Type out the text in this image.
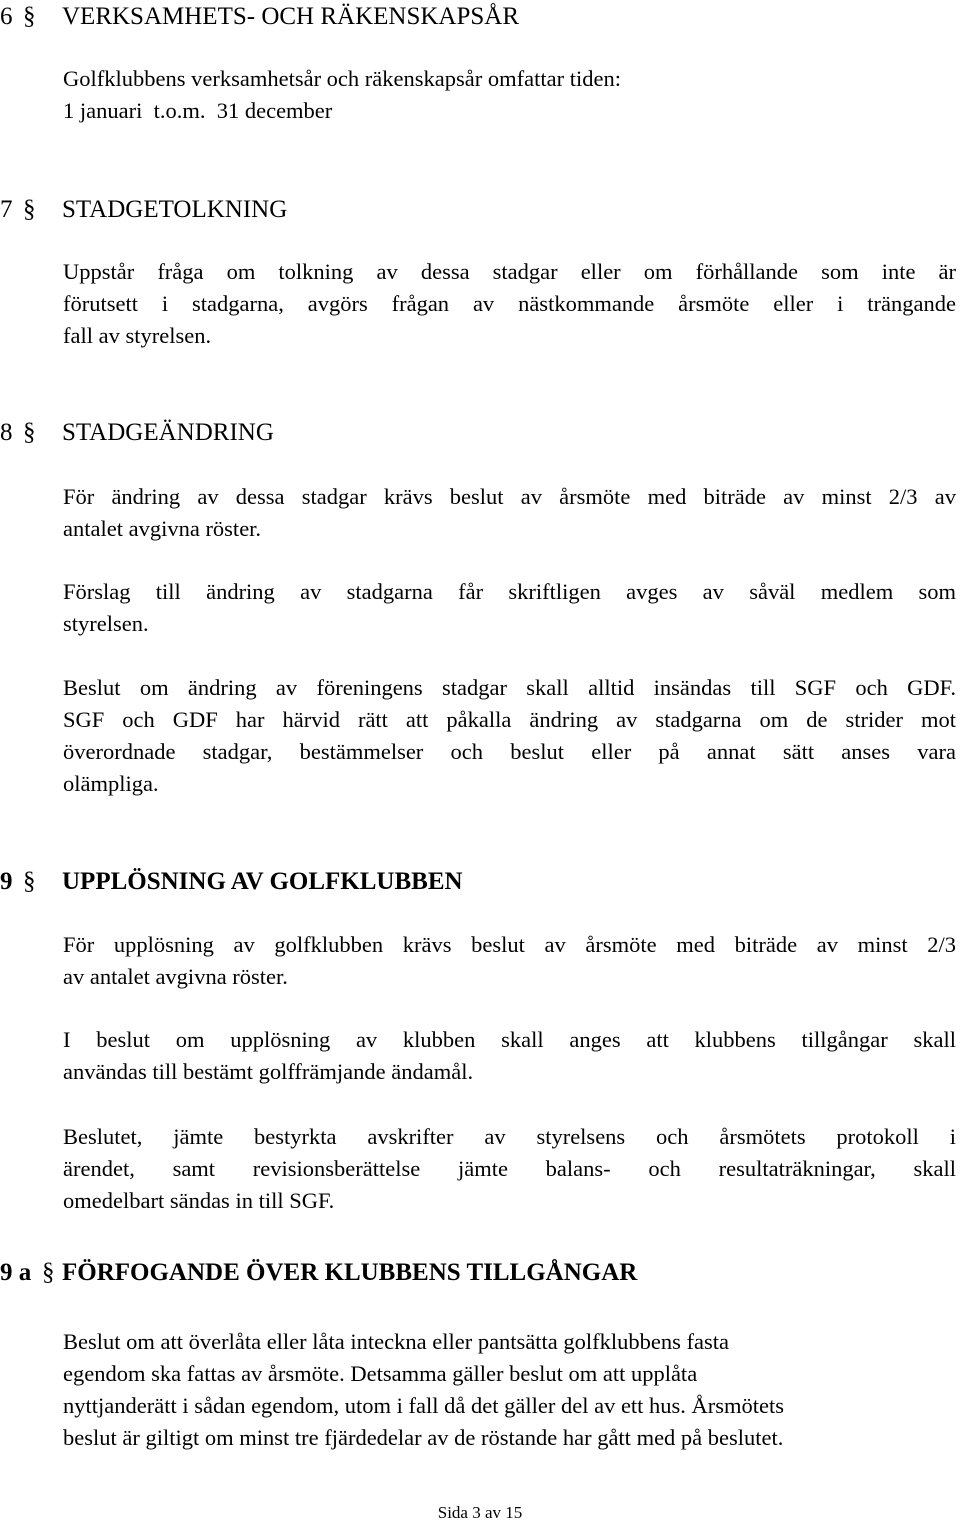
6 § VERKSAMHETS- OCH RÄKENSKAPSÅR
Golfklubbens verksamhetsår och räkenskapsår omfattar tiden:
1 januari  t.o.m.  31 december
7 § STADGETOLKNING
Uppstår fråga om tolkning av dessa stadgar eller om förhållande som inte är
förutsett i stadgarna, avgörs frågan av nästkommande årsmöte eller i trängande
fall av styrelsen.
8 § STADGEÄNDRING
För ändring av dessa stadgar krävs beslut av årsmöte med biträde av minst 2/3 av
antalet avgivna röster.
Förslag till ändring av stadgarna får skriftligen avges av såväl medlem som
styrelsen.
Beslut om ändring av föreningens stadgar skall alltid insändas till SGF och GDF.
SGF och GDF har härvid rätt att påkalla ändring av stadgarna om de strider mot
överordnade stadgar, bestämmelser och beslut eller på annat sätt anses vara
olämpliga.
9 § UPPLÖSNING AV GOLFKLUBBEN
För upplösning av golfklubben krävs beslut av årsmöte med biträde av minst 2/3
av antalet avgivna röster.
I beslut om upplösning av klubben skall anges att klubbens tillgångar skall
användas till bestämt golffrämjande ändamål.
Beslutet, jämte bestyrkta avskrifter av styrelsens och årsmötets protokoll i
ärendet, samt revisionsberättelse jämte balans- och resultaträkningar, skall
omedelbart sändas in till SGF.
9 a § FÖRFOGANDE ÖVER KLUBBENS TILLGÅNGAR
Beslut om att överlåta eller låta inteckna eller pantsätta golfklubbens fasta
egendom ska fattas av årsmöte. Detsamma gäller beslut om att upplåta
nyttjanderätt i sådan egendom, utom i fall då det gäller del av ett hus. Årsmötets
beslut är giltigt om minst tre fjärdedelar av de röstande har gått med på beslutet.
Sida 3 av 15
